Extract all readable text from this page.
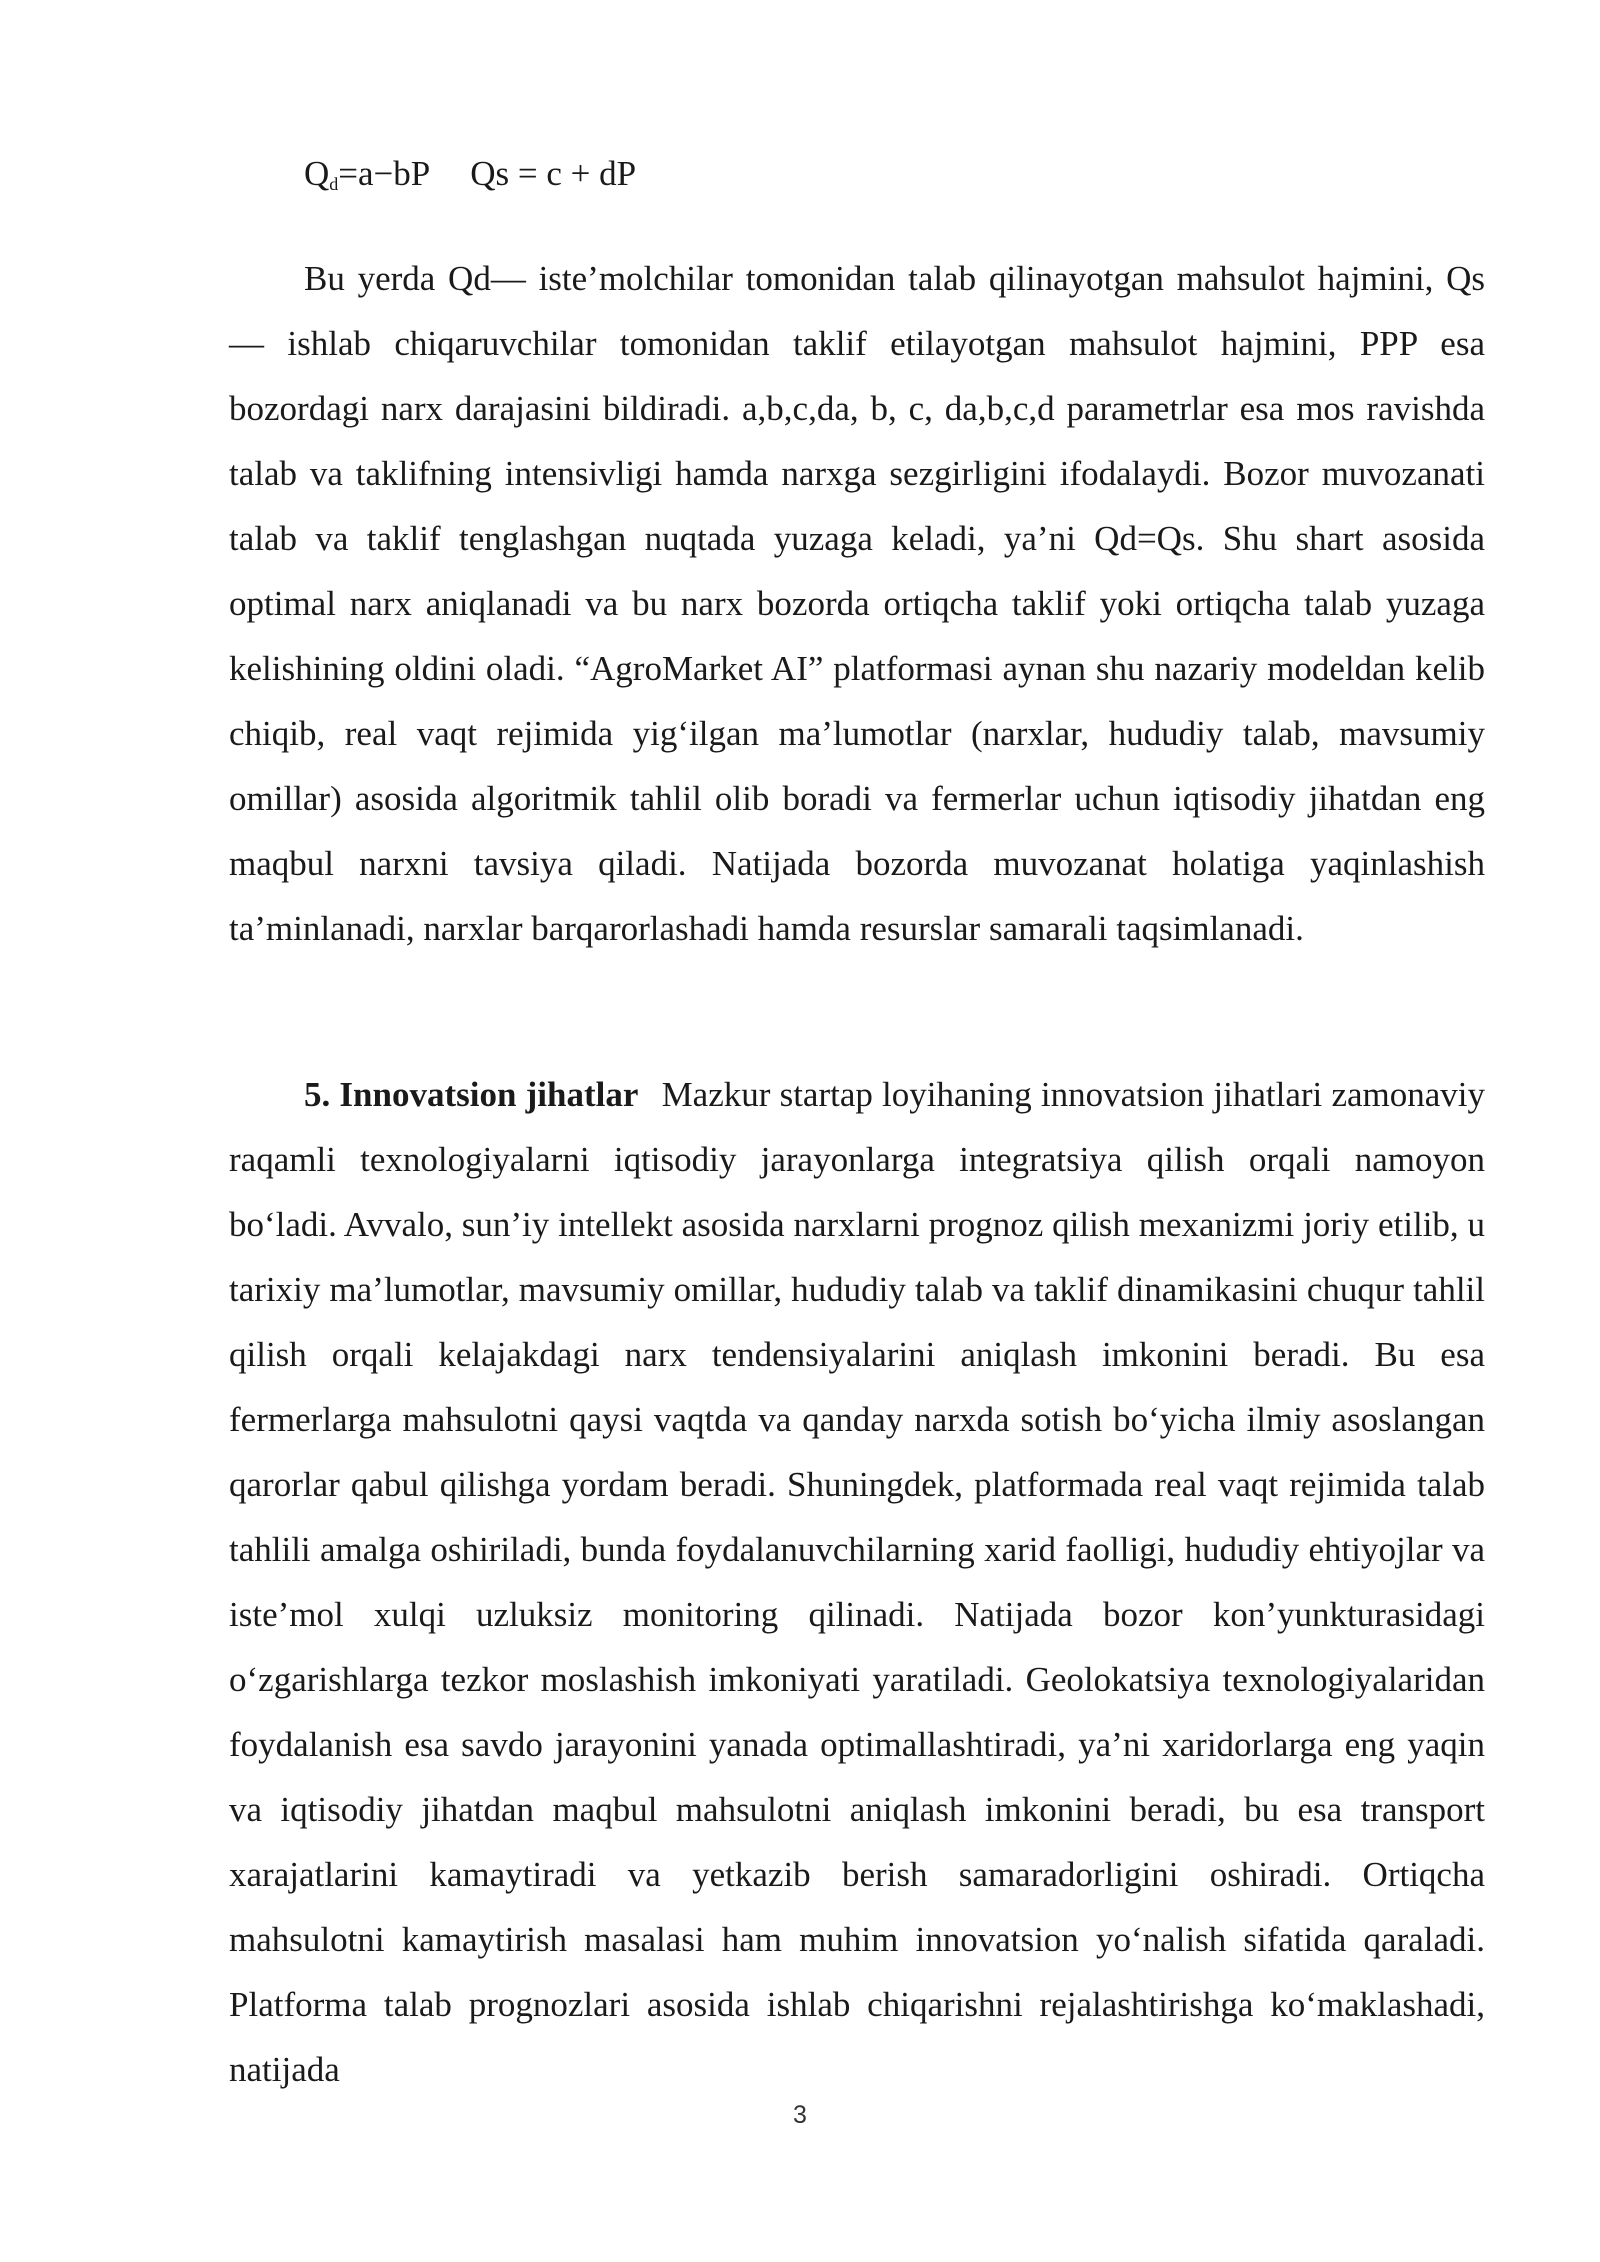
$Q_d=a-bP$ Qs = c + dP

Bu yerda Qd— iste’molchilar tomonidan talab qilinayotgan mahsulot hajmini, Qs — ishlab chiqaruvchilar tomonidan taklif etilayotgan mahsulot hajmini, PPP esa bozordagi narx darajasini bildiradi. a,b,c,da, b, c, da,b,c,d parametrlar esa mos ravishda talab va taklifning intensivligi hamda narxga sezgirligini ifodalaydi. Bozor muvozanati talab va taklif tenglashgan nuqtada yuzaga keladi, ya’ni Qd=Qs. Shu shart asosida optimal narx aniqlanadi va bu narx bozorda ortiqcha taklif yoki ortiqcha talab yuzaga kelishining oldini oladi. “AgroMarket AI” platformasi aynan shu nazariy modeldan kelib chiqib, real vaqt rejimida yig‘ilgan ma’lumotlar (narxlar, hududiy talab, mavsumiy omillar) asosida algoritmik tahlil olib boradi va fermerlar uchun iqtisodiy jihatdan eng maqbul narxni tavsiya qiladi. Natijada bozorda muvozanat holatiga yaqinlashish ta’minlanadi, narxlar barqarorlashadi hamda resurslar samarali taqsimlanadi.

5. Innovatsion jihatlar Mazkur startap loyihaning innovatsion jihatlari zamonaviy raqamli texnologiyalarni iqtisodiy jarayonlarga integratsiya qilish orqali namoyon bo‘ladi. Avvalo, sun’iy intellekt asosida narxlarni prognoz qilish mexanizmi joriy etilib, u tarixiy ma’lumotlar, mavsumiy omillar, hududiy talab va taklif dinamikasini chuqur tahlil qilish orqali kelajakdagi narx tendensiyalarini aniqlash imkonini beradi. Bu esa fermerlarga mahsulotni qaysi vaqtda va qanday narxda sotish bo‘yicha ilmiy asoslangan qarorlar qabul qilishga yordam beradi. Shuningdek, platformada real vaqt rejimida talab tahlili amalga oshiriladi, bunda foydalanuvchilarning xarid faolligi, hududiy ehtiyojlar va iste’mol xulqi uzluksiz monitoring qilinadi. Natijada bozor kon’yunkturasidagi o‘zgarishlarga tezkor moslashish imkoniyati yaratiladi. Geolokatsiya texnologiyalaridan foydalanish esa savdo jarayonini yanada optimallashtiradi, ya’ni xaridorlarga eng yaqin va iqtisodiy jihatdan maqbul mahsulotni aniqlash imkonini beradi, bu esa transport xarajatlarini kamaytiradi va yetkazib berish samaradorligini oshiradi. Ortiqcha mahsulotni kamaytirish masalasi ham muhim innovatsion yo‘nalish sifatida qaraladi. Platforma talab prognozlari asosida ishlab chiqarishni rejalashtirishga ko‘maklashadi, natijada

3
